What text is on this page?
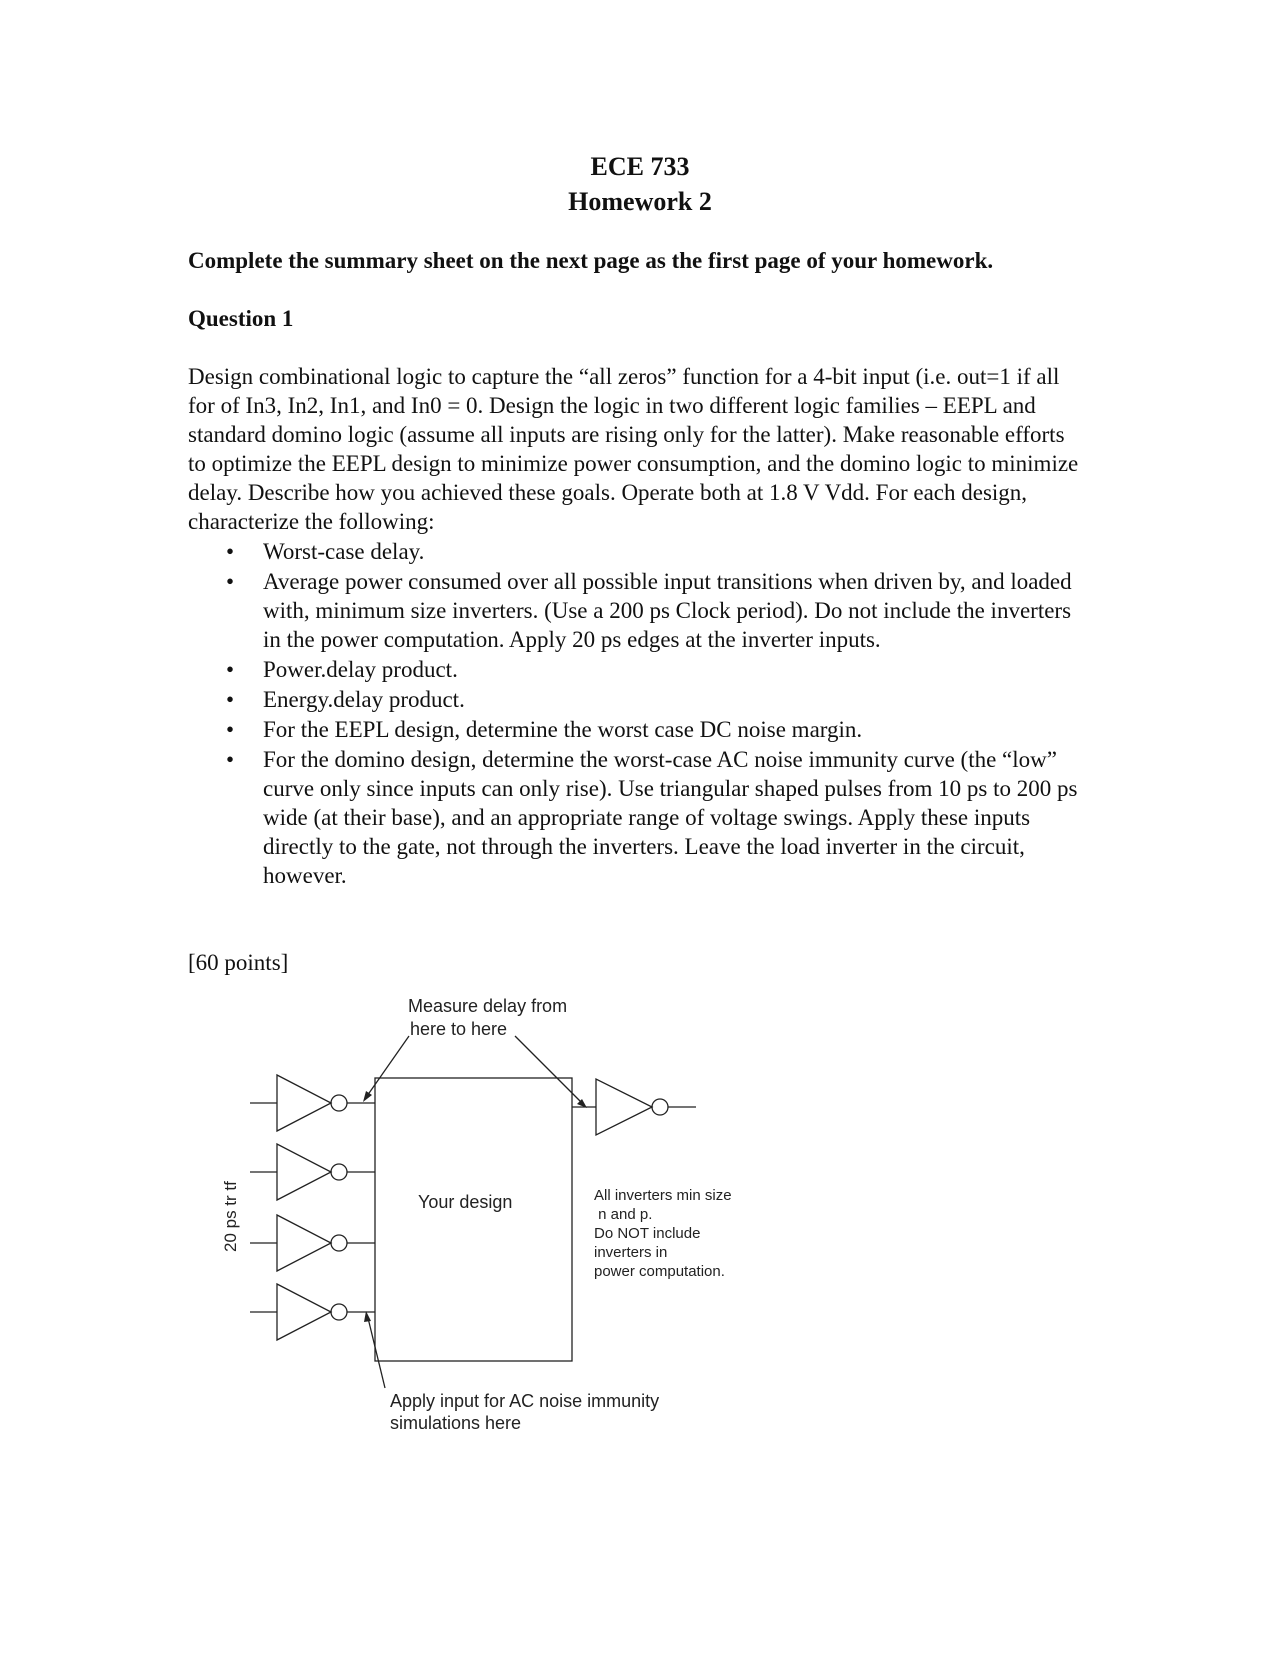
ECE 733
Homework 2
Complete the summary sheet on the next page as the first page of your homework.
Question 1

Design combinational logic to capture the “all zeros” function for a 4-bit input (i.e. out=1 if all for of In3, In2, In1, and In0 = 0. Design the logic in two different logic families – EEPL and standard domino logic (assume all inputs are rising only for the latter). Make reasonable efforts to optimize the EEPL design to minimize power consumption, and the domino logic to minimize delay. Describe how you achieved these goals. Operate both at 1.8 V Vdd. For each design, characterize the following:

• Worst-case delay.
• Average power consumed over all possible input transitions when driven by, and loaded with, minimum size inverters. (Use a 200 ps Clock period). Do not include the inverters in the power computation. Apply 20 ps edges at the inverter inputs.
• Power.delay product.
• Energy.delay product.
• For the EEPL design, determine the worst case DC noise margin.
• For the domino design, determine the worst-case AC noise immunity curve (the “low” curve only since inputs can only rise). Use triangular shaped pulses from 10 ps to 200 ps wide (at their base), and an appropriate range of voltage swings. Apply these inputs directly to the gate, not through the inverters. Leave the load inverter in the circuit, however.
[60 points]
Measure delay from
here to here
Your design
20 ps tr tf	All inverters min size
n and p.
Do NOT include
inverters in
power computation.
Apply input for AC noise immunity
simulations here
